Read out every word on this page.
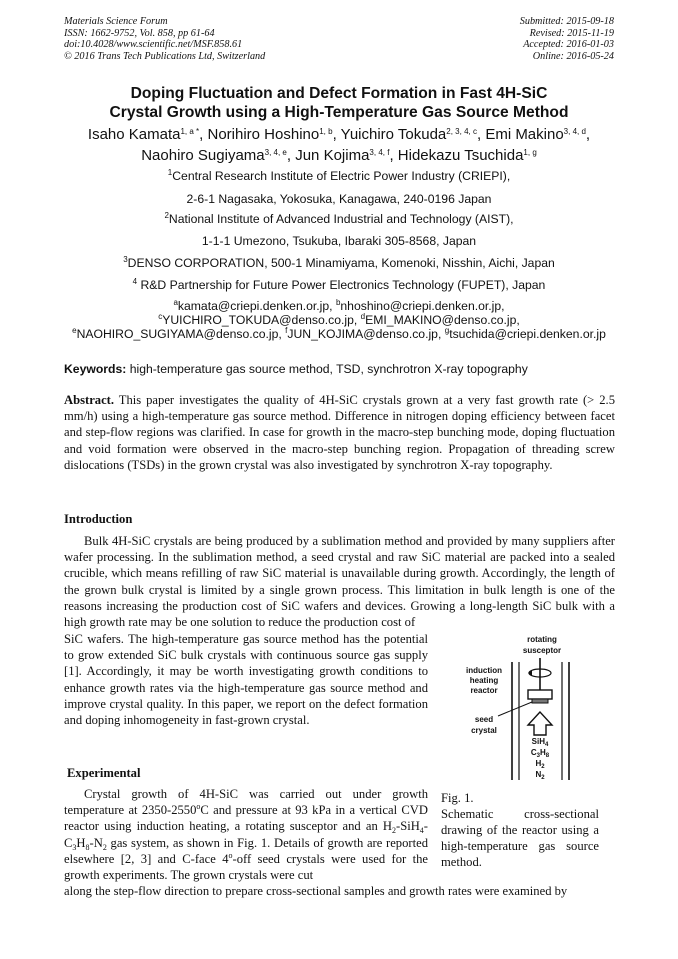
Materials Science Forum
ISSN: 1662-9752, Vol. 858, pp 61-64
doi:10.4028/www.scientific.net/MSF.858.61
© 2016 Trans Tech Publications Ltd, Switzerland
Submitted: 2015-09-18
Revised: 2015-11-19
Accepted: 2016-01-03
Online: 2016-05-24
Doping Fluctuation and Defect Formation in Fast 4H-SiC
Crystal Growth using a High-Temperature Gas Source Method
Isaho Kamata$^{1, a *}$, Norihiro Hoshino$^{1, b}$, Yuichiro Tokuda$^{2, 3, 4, c}$, Emi Makino$^{3, 4, d}$,
Naohiro Sugiyama$^{3, 4, e}$, Jun Kojima$^{3, 4, f}$, Hidekazu Tsuchida$^{1, g}$
$^1$Central Research Institute of Electric Power Industry (CRIEPI),
2-6-1 Nagasaka, Yokosuka, Kanagawa, 240-0196 Japan
$^2$National Institute of Advanced Industrial and Technology (AIST),
1-1-1 Umezono, Tsukuba, Ibaraki 305-8568, Japan
$^3$DENSO CORPORATION, 500-1 Minamiyama, Komenoki, Nisshin, Aichi, Japan
$^4$ R&D Partnership for Future Power Electronics Technology (FUPET), Japan
$^a$kamata@criepi.denken.or.jp, $^b$nhoshino@criepi.denken.or.jp,
$^c$YUICHIRO_TOKUDA@denso.co.jp, $^d$EMI_MAKINO@denso.co.jp,
$^e$NAOHIRO_SUGIYAMA@denso.co.jp, $^f$JUN_KOJIMA@denso.co.jp, $^g$tsuchida@criepi.denken.or.jp
Keywords: high-temperature gas source method, TSD, synchrotron X-ray topography
Abstract. This paper investigates the quality of 4H-SiC crystals grown at a very fast growth rate (> 2.5 mm/h) using a high-temperature gas source method. Difference in nitrogen doping efficiency between facet and step-flow regions was clarified. In case for growth in the macro-step bunching mode, doping fluctuation and void formation were observed in the macro-step bunching region. Propagation of threading screw dislocations (TSDs) in the grown crystal was also investigated by synchrotron X-ray topography.
Introduction
Bulk 4H-SiC crystals are being produced by a sublimation method and provided by many suppliers after wafer processing. In the sublimation method, a seed crystal and raw SiC material are packed into a sealed crucible, which means refilling of raw SiC material is unavailable during growth. Accordingly, the length of the grown bulk crystal is limited by a single grown process. This limitation in bulk length is one of the reasons increasing the production cost of SiC wafers and devices. Growing a long-length SiC bulk with a high growth rate may be one solution to reduce the production cost of
SiC wafers. The high-temperature gas source method has the potential to grow extended SiC bulk crystals with continuous source gas supply [1]. Accordingly, it may be worth investigating growth conditions to enhance growth rates via the high-temperature gas source method and improve crystal quality. In this paper, we report on the defect formation and doping inhomogeneity in fast-grown crystal.
Experimental
Crystal growth of 4H-SiC was carried out under growth temperature at 2350-2550$^o$C and pressure at 93 kPa in a vertical CVD reactor using induction heating, a rotating susceptor and an $H_2-SiH_4-C_3H_8-N_2$ gas system, as shown in Fig. 1. Details of growth are reported elsewhere [2, 3] and C-face 4$^o$-off seed crystals were used for the growth experiments. The grown crystals were cut
along the step-flow direction to prepare cross-sectional samples and growth rates were examined by
rotating
susceptor
induction
heating
reactor
seed
crystal
SiH$_4$
$C_3H_8$
$H_2$
$N_2$
Fig. 1.
Schematic cross-sectional drawing of the reactor using a high-temperature gas source method.
